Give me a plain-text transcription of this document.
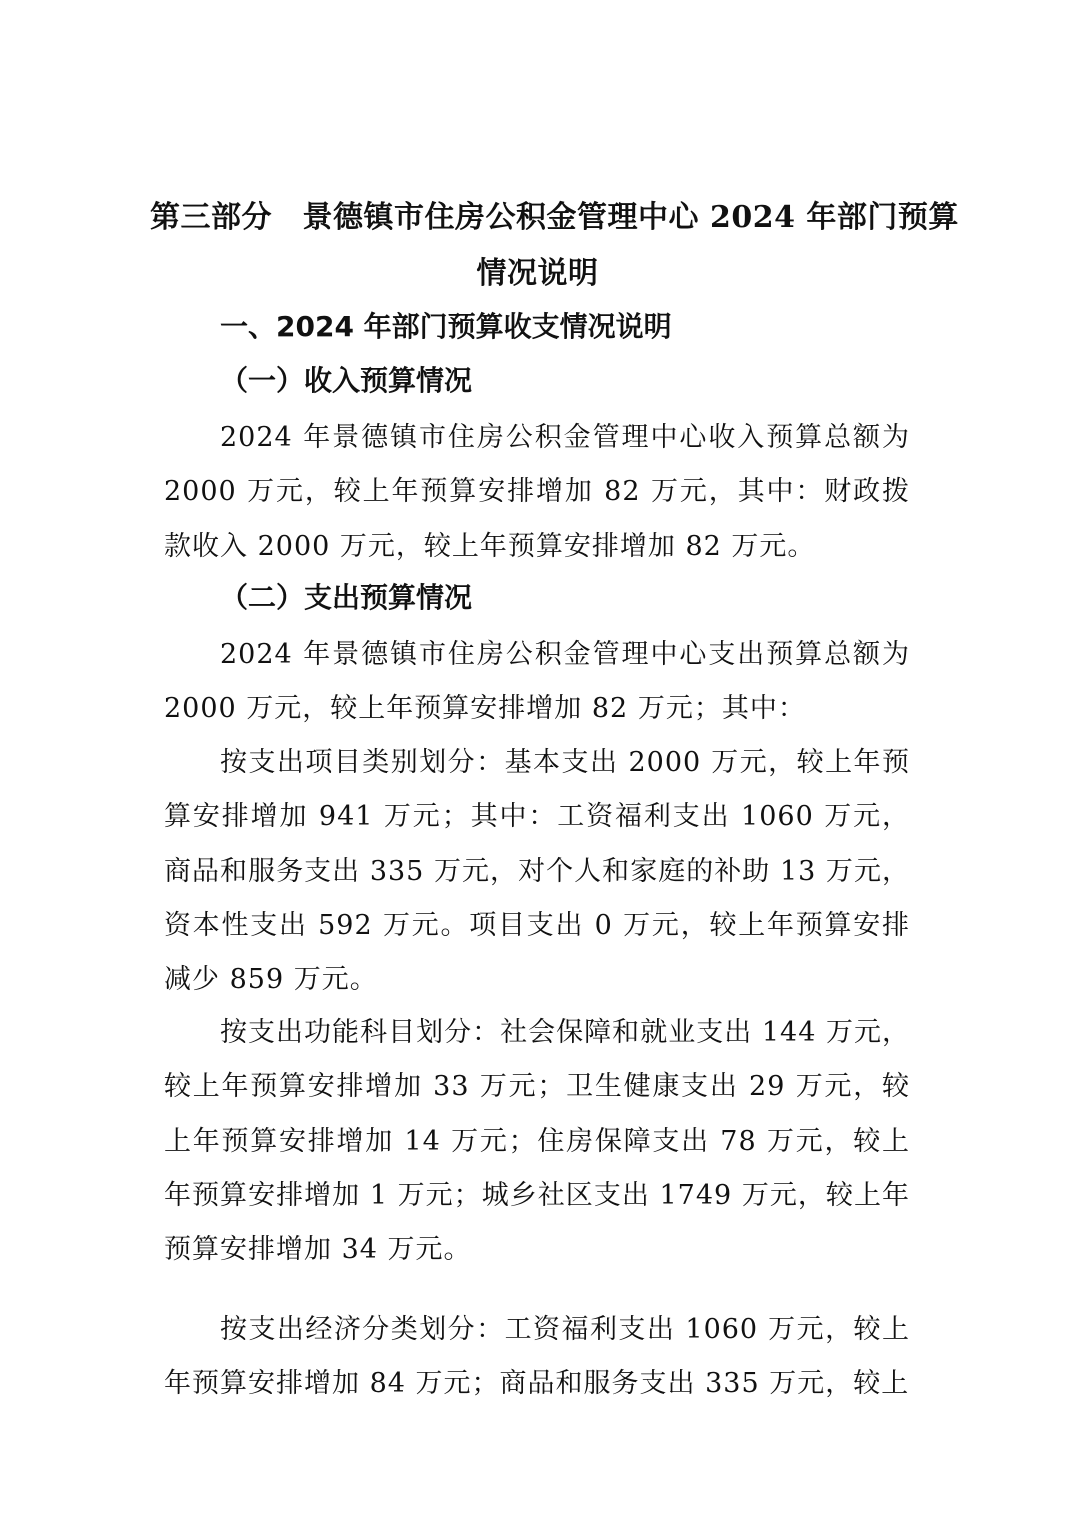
第三部分　景德镇市住房公积金管理中心 2024 年部门预算
情况说明
一、2024 年部门预算收支情况说明
（一）收入预算情况

2024 年景德镇市住房公积金管理中心收入预算总额为 2000 万元，较上年预算安排增加 82 万元，其中：财政拨款收入 2000 万元，较上年预算安排增加 82 万元。

（二）支出预算情况

2024 年景德镇市住房公积金管理中心支出预算总额为 2000 万元，较上年预算安排增加 82 万元；其中：

按支出项目类别划分：基本支出 2000 万元，较上年预算安排增加 941 万元；其中：工资福利支出 1060 万元，商品和服务支出 335 万元，对个人和家庭的补助 13 万元，资本性支出 592 万元。项目支出 0 万元，较上年预算安排减少 859 万元。

按支出功能科目划分：社会保障和就业支出 144 万元，较上年预算安排增加 33 万元；卫生健康支出 29 万元，较上年预算安排增加 14 万元；住房保障支出 78 万元，较上年预算安排增加 1 万元；城乡社区支出 1749 万元，较上年预算安排增加 34 万元。

按支出经济分类划分：工资福利支出 1060 万元，较上年预算安排增加 84 万元；商品和服务支出 335 万元，较上
